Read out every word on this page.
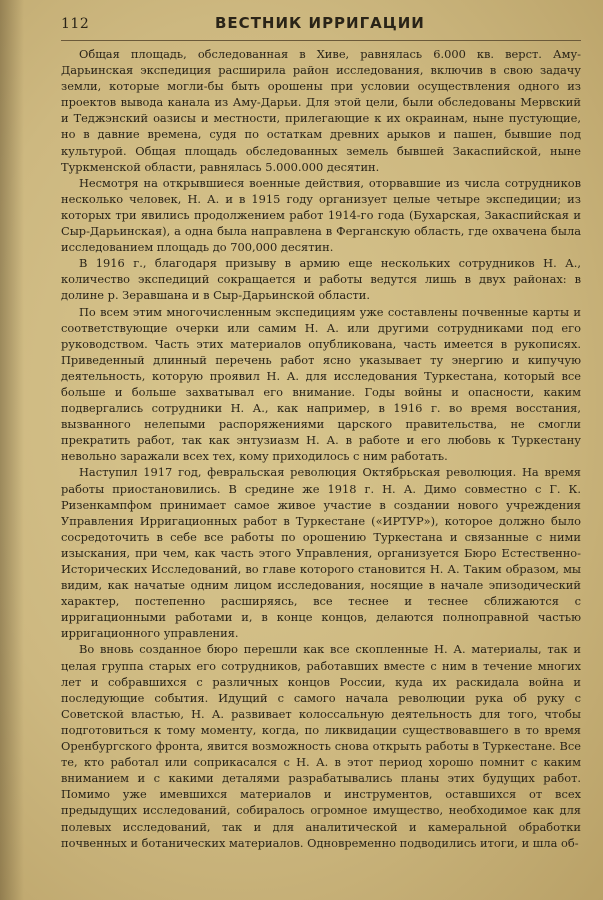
112	ВЕСТНИК ИРРИГАЦИИ

Общая площадь, обследованная в Хиве, равнялась 6.000 кв. верст. Аму-Дарьинская экспедиция расширила район исследования, включив в свою задачу земли, которые могли-бы быть орошены при условии осуществления одного из проектов вывода канала из Аму-Дарьи. Для этой цели, были обследованы Мервский и Теджэнский оазисы и местности, прилегающие к их окраинам, ныне пустующие, но в давние времена, судя по остаткам древних арыков и пашен, бывшие под культурой. Общая площадь обследованных земель бывшей Закаспийской, ныне Туркменской области, равнялась 5.000.000 десятин.

Несмотря на открывшиеся военные действия, оторвавшие из числа сотрудников несколько человек, Н. А. и в 1915 году организует целые четыре экспедиции; из которых три явились продолжением работ 1914-го года (Бухарская, Закаспийская и Сыр-Дарьинская), а одна была направлена в Ферганскую область, где охвачена была исследованием площадь до 700,000 десятин.

В 1916 г., благодаря призыву в армию еще нескольких сотрудников Н. А., количество экспедиций сокращается и работы ведутся лишь в двух районах: в долине р. Зеравшана и в Сыр-Дарьинской области.

По всем этим многочисленным экспедициям уже составлены почвенные карты и соответствующие очерки или самим Н. А. или другими сотрудниками под его руководством. Часть этих материалов опубликована, часть имеется в рукописях. Приведенный длинный перечень работ ясно указывает ту энергию и кипучую деятельность, которую проявил Н. А. для исследования Туркестана, который все больше и больше захватывал его внимание. Годы войны и опасности, каким подвергались сотрудники Н. А., как например, в 1916 г. во время восстания, вызванного нелепыми распоряжениями царского правительства, не смогли прекратить работ, так как энтузиазм Н. А. в работе и его любовь к Туркестану невольно заражали всех тех, кому приходилось с ним работать.

Наступил 1917 год, февральская революция Октябрьская революция. На время работы приостановились. В средине же 1918 г. Н. А. Димо совместно с Г. К. Ризенкампфом принимает самое живое участие в создании нового учреждения Управления Ирригационных работ в Туркестане («ИРТУР»), которое должно было сосредоточить в себе все работы по орошению Туркестана и связанные с ними изыскания, при чем, как часть этого Управления, организуется Бюро Естественно-Исторических Исследований, во главе которого становится Н. А. Таким образом, мы видим, как начатые одним лицом исследования, носящие в начале эпизодический характер, постепенно расширяясь, все теснее и теснее сближаются с ирригационными работами и, в конце концов, делаются полноправной частью ирригационного управления.

Во вновь созданное бюро перешли как все скопленные Н. А. материалы, так и целая группа старых его сотрудников, работавших вместе с ним в течение многих лет и собравшихся с различных концов России, куда их раскидала война и последующие события. Идущий с самого начала революции рука об руку с Советской властью, Н. А. развивает колоссальную деятельность для того, чтобы подготовиться к тому моменту, когда, по ликвидации существовавшего в то время Оренбургского фронта, явится возможность снова открыть работы в Туркестане. Все те, кто работал или соприкасался с Н. А. в этот период хорошо помнит с каким вниманием и с какими деталями разрабатывались планы этих будущих работ. Помимо уже имевшихся материалов и инструментов, оставшихся от всех предыдущих исследований, собиралось огромное имущество, необходимое как для полевых исследований, так и для аналитической и камеральной обработки почвенных и ботанических материалов. Одновременно подводились итоги, и шла об-
